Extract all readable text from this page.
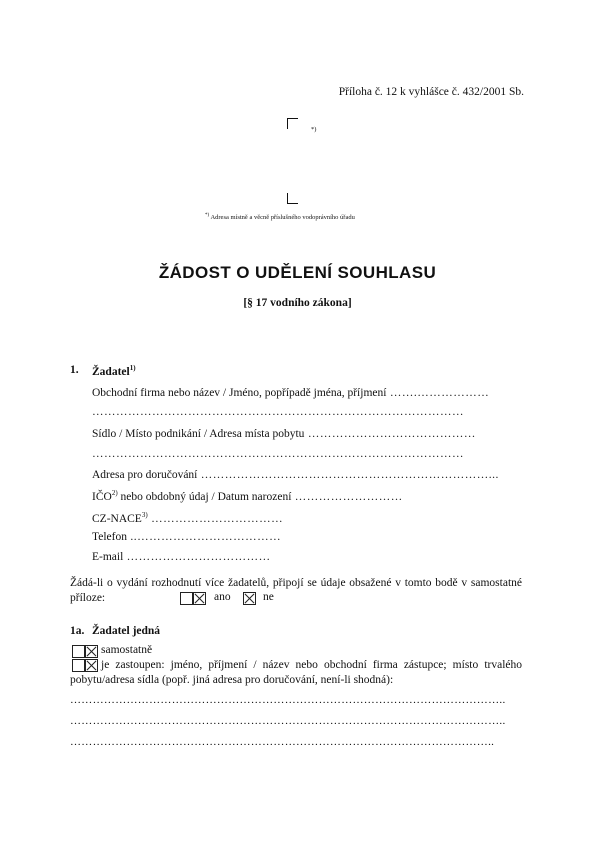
Příloha č. 12 k vyhlášce č. 432/2001 Sb.
*)
*) Adresa místně a věcně příslušného vodoprávního úřadu
ŽÁDOST O UDĚLENÍ SOUHLASU
[§ 17 vodního zákona]
1. Žadatel$^{1)}$
Obchodní firma nebo název / Jméno, popřípadě jména, příjmení …….………………
…………………………………………………………………………………
Sídlo / Místo podnikání / Adresa místa pobytu ……………………………………
…………………………………………………………………………………
Adresa pro doručování ………………………………………………………………...
IČO$^{2)}$ nebo obdobný údaj / Datum narození ………………………
CZ-NACE$^{3)}$ ……………………………
Telefon ..………………………………
E-mail ………………………………
Žádá-li o vydání rozhodnutí více žadatelů, připojí se údaje obsažené v tomto bodě v samostatné příloze:	ano	ne
1a. Žadatel jedná
samostatně
je zastoupen: jméno, příjmení / název nebo obchodní firma zástupce; místo trvalého pobytu/adresa sídla (popř. jiná adresa pro doručování, není-li shodná):
……………………………………………………………………………………………………..
……………………………………………………………………………………………………..
…………………………………………………………………………………………………..
